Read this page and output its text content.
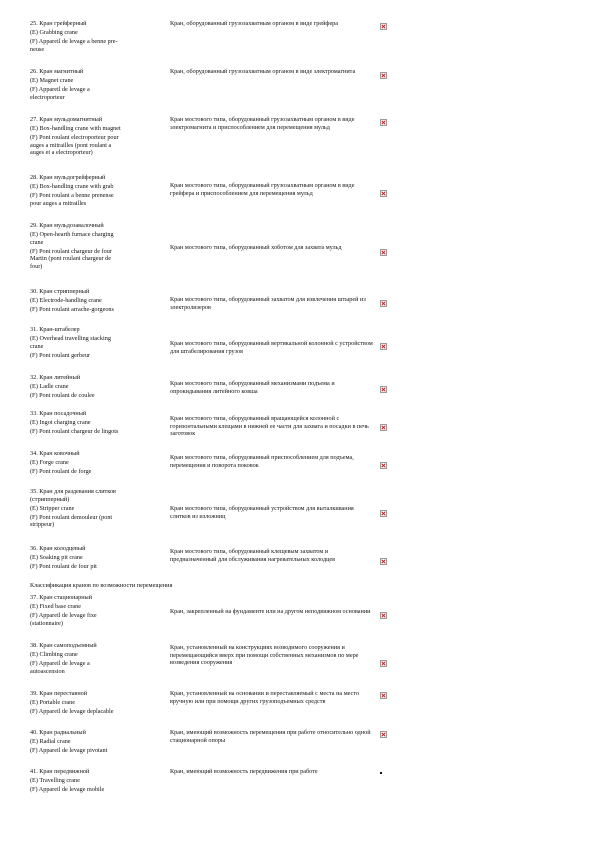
25. Кран грейферный
(E) Grabbing crane
(F) Appareil de levage a benne pre-
neuse
Кран, оборудованный грузозахватным органом в виде грейфера
26. Кран магнитный
(E) Magnet crane
(F) Appareil de levage a
electroporteur
Кран, оборудованный грузозахватным органом в виде электромагнита
27. Кран мульдомагнитный
(E) Box-handling crane with magnet
(F) Pont roulant electroporteur pour
auges a mitrailles (pont roulant a
auges et a electroporteur)
Кран мостового типа, оборудованный грузозахватным органом в виде электромагнита и приспособлением для перемещения мульд
28. Кран мульдогрейферный
(E) Box-handling crane with grab
(F) Pont roulant a benne prenense
pour auges a mitrailles
Кран мостового типа, оборудованный грузозахватным органом в виде грейфера и приспособлением для перемещения мульд
29. Кран мульдозавалочный
(E) Open-hearth furnace charging
crane
(F) Pont roulant chargeur de four
Martin (pont roulant chargeur de
four)
Кран мостового типа, оборудованный хоботом для захвата мульд
30. Кран стрипперный
(E) Electrode-handling crane
(F) Pont roulant arrache-gorgeons
Кран мостового типа, оборудованный захватом для извлечения штырей из электролизеров
31. Кран-штабелер
(E) Overhead travelling stacking
crane
(F) Pont roulant gerbeur
Кран мостового типа, оборудованный вертикальной колонной с устройством для штабелирования грузов
32. Кран литейный
(E) Ladle crane
(F) Pont roulant de coulee
Кран мостового типа, оборудованный механизмами подъема и опрокидывания литейного ковша
33. Кран посадочный
(E) Ingot charging crane
(F) Pont roulant chargeur de lingots
Кран мостового типа, оборудованный вращающейся колонной с горизонтальными клещами в нижней ее части для захвата и посадки в печь заготовок
34. Кран ковочный
(E) Forge crane
(F) Pont roulant de forge
Кран мостового типа, оборудованный приспособлением для подъема, перемещения и поворота поковок
35. Кран для раздевания слитков
(стрипперный)
(E) Stripper crane
(F) Pont roulant demouleur (pont
strippeur)
Кран мостового типа, оборудованный устройством для выталкивания слитков из изложниц
36. Кран колодцевый
(E) Soaking pit crane
(F) Pont roulant de four pit
Кран мостового типа, оборудованный клещевым захватом и предназначенный для обслуживания нагревательных колодцев
Классификация кранов по возможности перемещения
37. Кран стационарный
(E) Fixed base crane
(F) Appareil de levage fixe
(stationnaire)
Кран, закрепленный на фундаменте или на другом неподвижном основании
38. Кран самоподъемный
(E) Climbing crane
(F) Appareil de levage a
autoascension
Кран, установленный на конструкциях возводимого сооружения и перемещающийся вверх при помощи собственных механизмов по мере возведения сооружения
39. Кран переставной
(E) Portable crane
(F) Appareil de levage deplacable
Кран, установленный на основании и переставляемый с места на место вручную или при помощи других грузоподъемных средств
40. Кран радиальный
(E) Radial crane
(F) Appareil de levage pivotant
Кран, имеющий возможность перемещения при работе относительно одной стационарной опоры
41. Кран передвижной
(E) Travelling crane
(F) Appareil de levage mobile
Кран, имеющий возможность передвижения при работе
